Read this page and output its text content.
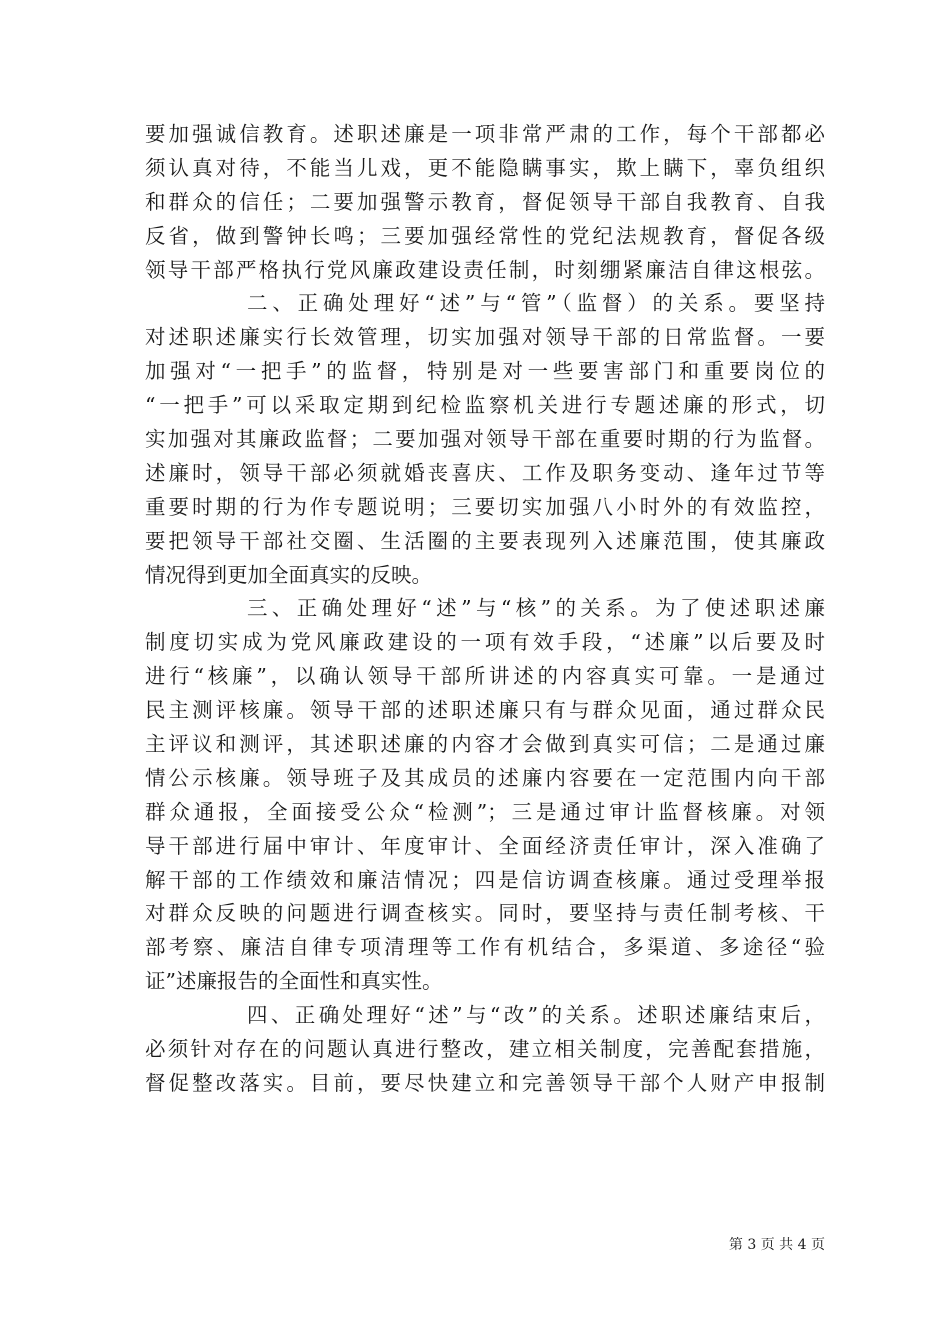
要加强诚信教育。述职述廉是一项非常严肃的工作，每个干部都必
须认真对待，不能当儿戏，更不能隐瞒事实，欺上瞒下，辜负组织
和群众的信任；二要加强警示教育，督促领导干部自我教育、自我
反省，做到警钟长鸣；三要加强经常性的党纪法规教育，督促各级
领导干部严格执行党风廉政建设责任制，时刻绷紧廉洁自律这根弦。
二、正确处理好“述”与“管”（监督）的关系。要坚持
对述职述廉实行长效管理，切实加强对领导干部的日常监督。一要
加强对“一把手”的监督，特别是对一些要害部门和重要岗位的
“一把手”可以采取定期到纪检监察机关进行专题述廉的形式，切
实加强对其廉政监督；二要加强对领导干部在重要时期的行为监督。
述廉时，领导干部必须就婚丧喜庆、工作及职务变动、逢年过节等
重要时期的行为作专题说明；三要切实加强八小时外的有效监控，
要把领导干部社交圈、生活圈的主要表现列入述廉范围，使其廉政
情况得到更加全面真实的反映。
三、正确处理好“述”与“核”的关系。为了使述职述廉
制度切实成为党风廉政建设的一项有效手段，“述廉”以后要及时
进行“核廉”，以确认领导干部所讲述的内容真实可靠。一是通过
民主测评核廉。领导干部的述职述廉只有与群众见面，通过群众民
主评议和测评，其述职述廉的内容才会做到真实可信；二是通过廉
情公示核廉。领导班子及其成员的述廉内容要在一定范围内向干部
群众通报，全面接受公众“检测”；三是通过审计监督核廉。对领
导干部进行届中审计、年度审计、全面经济责任审计，深入准确了
解干部的工作绩效和廉洁情况；四是信访调查核廉。通过受理举报
对群众反映的问题进行调查核实。同时，要坚持与责任制考核、干
部考察、廉洁自律专项清理等工作有机结合，多渠道、多途径“验
证”述廉报告的全面性和真实性。
四、正确处理好“述”与“改”的关系。述职述廉结束后，
必须针对存在的问题认真进行整改，建立相关制度，完善配套措施，
督促整改落实。目前，要尽快建立和完善领导干部个人财产申报制
第 3 页 共 4 页
